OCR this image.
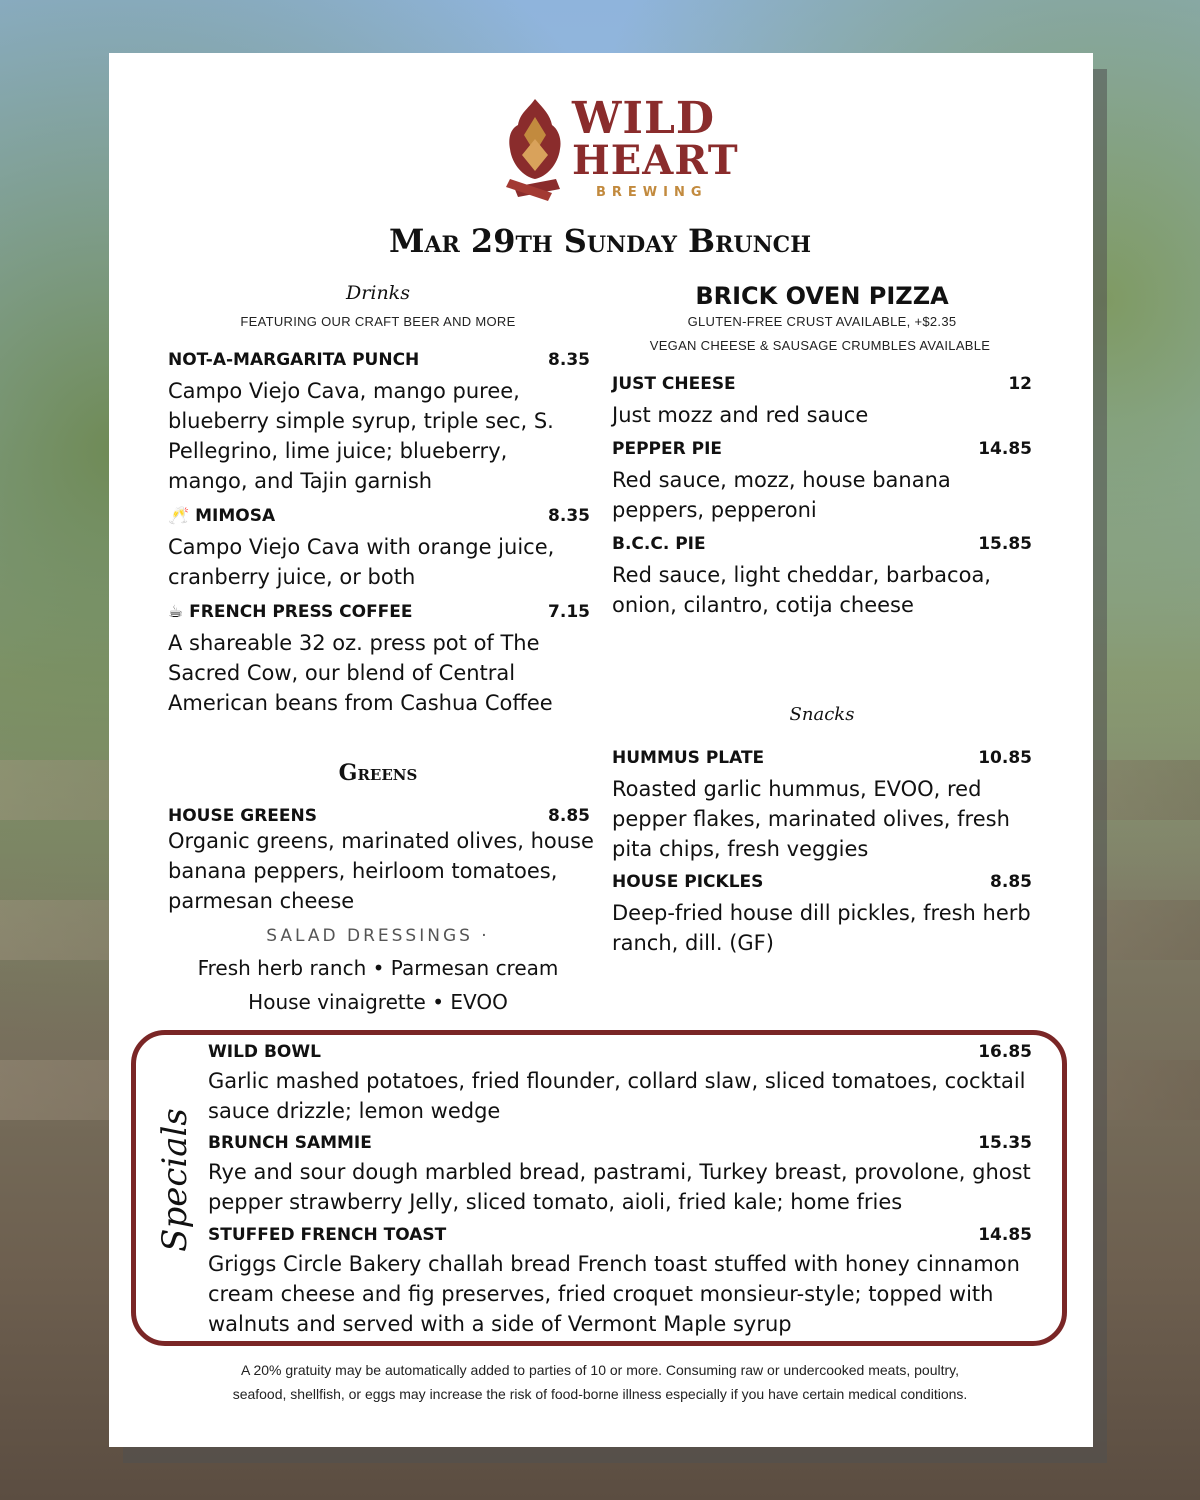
WILD
HEART
BREWING
Mar 29th Sunday Brunch
Drinks
FEATURING OUR CRAFT BEER AND MORE
NOT-A-MARGARITA PUNCH	8.35
Campo Viejo Cava, mango puree,
blueberry simple syrup, triple sec, S.
Pellegrino, lime juice; blueberry,
mango, and Tajin garnish
🥂 MIMOSA	8.35
Campo Viejo Cava with orange juice,
cranberry juice, or both
☕ FRENCH PRESS COFFEE	7.15
A shareable 32 oz. press pot of The
Sacred Cow, our blend of Central
American beans from Cashua Coffee
Greens
HOUSE GREENS	8.85
Organic greens, marinated olives, house
banana peppers, heirloom tomatoes,
parmesan cheese
SALAD DRESSINGS ·
Fresh herb ranch • Parmesan cream
House vinaigrette • EVOO
BRICK OVEN PIZZA
GLUTEN-FREE CRUST AVAILABLE, +$2.35
VEGAN CHEESE & SAUSAGE CRUMBLES AVAILABLE
JUST CHEESE	12
Just mozz and red sauce
PEPPER PIE	14.85
Red sauce, mozz, house banana
peppers, pepperoni
B.C.C. PIE	15.85
Red sauce, light cheddar, barbacoa,
onion, cilantro, cotija cheese
Snacks
HUMMUS PLATE	10.85
Roasted garlic hummus, EVOO, red
pepper flakes, marinated olives, fresh
pita chips, fresh veggies
HOUSE PICKLES	8.85
Deep-fried house dill pickles, fresh herb
ranch, dill. (GF)
Specials
WILD BOWL	16.85
Garlic mashed potatoes, fried flounder, collard slaw, sliced tomatoes, cocktail
sauce drizzle; lemon wedge
BRUNCH SAMMIE	15.35
Rye and sour dough marbled bread, pastrami, Turkey breast, provolone, ghost
pepper strawberry Jelly, sliced tomato, aioli, fried kale; home fries
STUFFED FRENCH TOAST	14.85
Griggs Circle Bakery challah bread French toast stuffed with honey cinnamon
cream cheese and fig preserves, fried croquet monsieur-style; topped with
walnuts and served with a side of Vermont Maple syrup
A 20% gratuity may be automatically added to parties of 10 or more. Consuming raw or undercooked meats, poultry,
seafood, shellfish, or eggs may increase the risk of food-borne illness especially if you have certain medical conditions.
